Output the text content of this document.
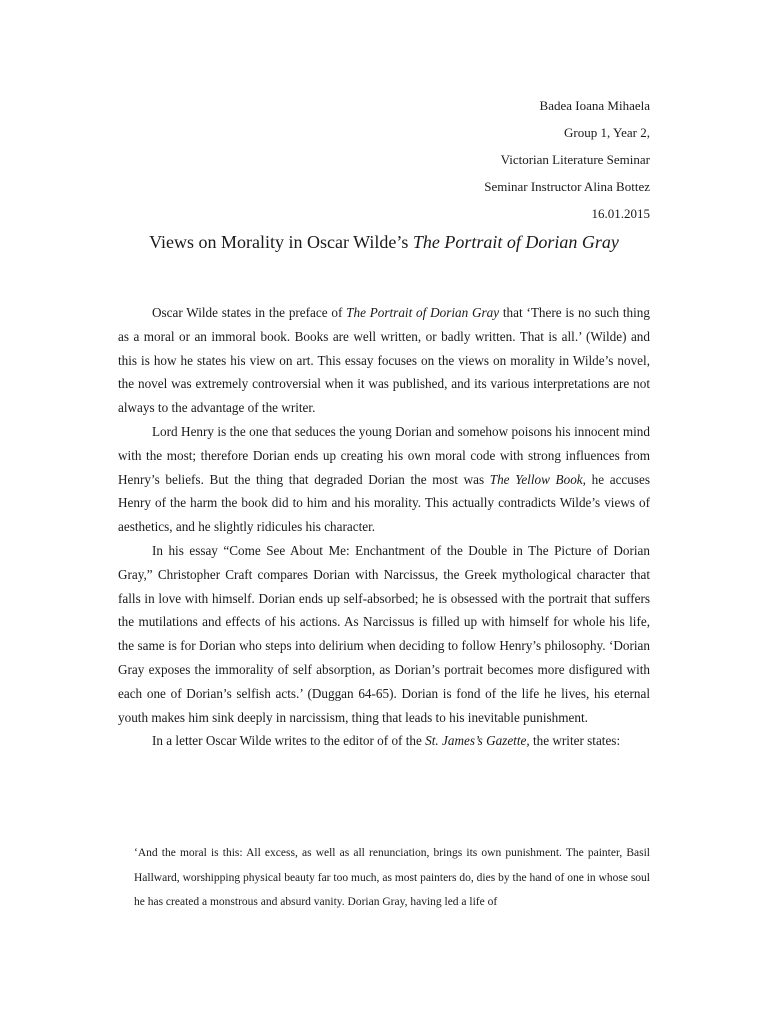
Badea Ioana Mihaela
Group 1, Year 2,
Victorian Literature Seminar
Seminar Instructor Alina Bottez
16.01.2015
Views on Morality in Oscar Wilde’s The Portrait of Dorian Gray

Oscar Wilde states in the preface of The Portrait of Dorian Gray that ‘There is no such thing as a moral or an immoral book. Books are well written, or badly written. That is all.’ (Wilde) and this is how he states his view on art. This essay focuses on the views on morality in Wilde’s novel, the novel was extremely controversial when it was published, and its various interpretations are not always to the advantage of the writer.

Lord Henry is the one that seduces the young Dorian and somehow poisons his innocent mind with the most; therefore Dorian ends up creating his own moral code with strong influences from Henry’s beliefs. But the thing that degraded Dorian the most was The Yellow Book, he accuses Henry of the harm the book did to him and his morality. This actually contradicts Wilde’s views of aesthetics, and he slightly ridicules his character.

In his essay “Come See About Me: Enchantment of the Double in The Picture of Dorian Gray,” Christopher Craft compares Dorian with Narcissus, the Greek mythological character that falls in love with himself. Dorian ends up self-absorbed; he is obsessed with the portrait that suffers the mutilations and effects of his actions. As Narcissus is filled up with himself for whole his life, the same is for Dorian who steps into delirium when deciding to follow Henry’s philosophy. ‘Dorian Gray exposes the immorality of self absorption, as Dorian’s portrait becomes more disfigured with each one of Dorian’s selfish acts.’ (Duggan 64-65). Dorian is fond of the life he lives, his eternal youth makes him sink deeply in narcissism, thing that leads to his inevitable punishment.

In a letter Oscar Wilde writes to the editor of of the St. James’s Gazette, the writer states:

‘And the moral is this: All excess, as well as all renunciation, brings its own punishment. The painter, Basil Hallward, worshipping physical beauty far too much, as most painters do, dies by the hand of one in whose soul he has created a monstrous and absurd vanity. Dorian Gray, having led a life of
